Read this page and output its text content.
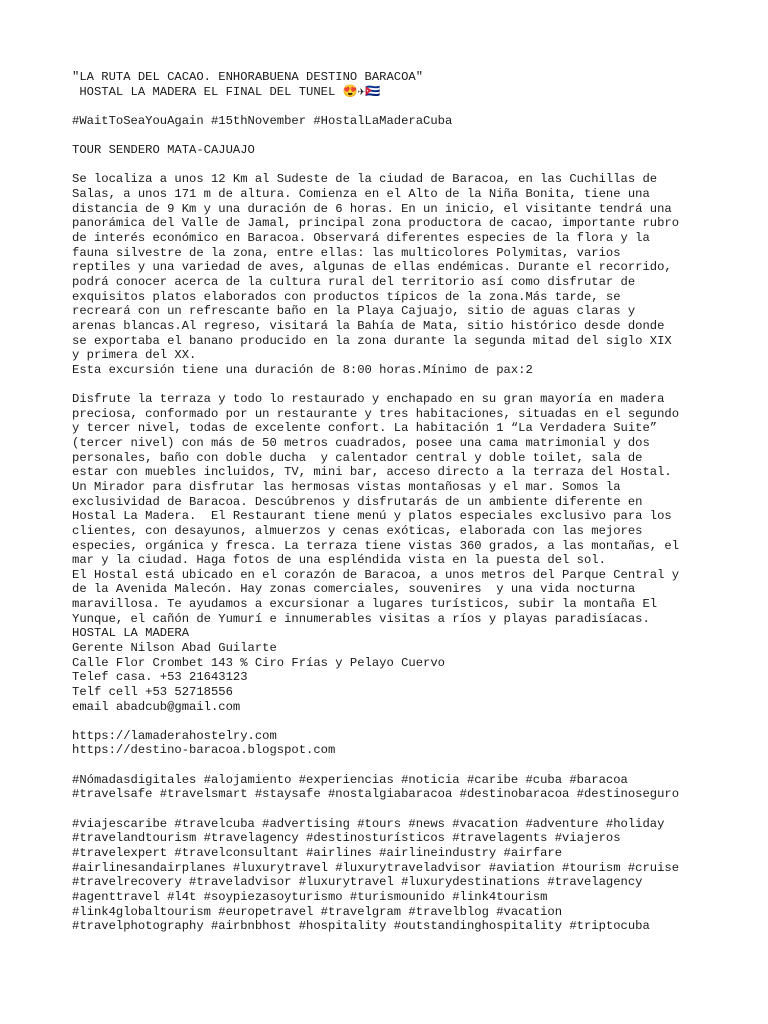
"LA RUTA DEL CACAO. ENHORABUENA DESTINO BARACOA"
HOSTAL LA MADERA EL FINAL DEL TUNEL 😍✈🇨🇺
#WaitToSeaYouAgain #15thNovember #HostalLaMaderaCuba
TOUR SENDERO MATA-CAJUAJO
Se localiza a unos 12 Km al Sudeste de la ciudad de Baracoa, en las Cuchillas de
Salas, a unos 171 m de altura. Comienza en el Alto de la Niña Bonita, tiene una
distancia de 9 Km y una duración de 6 horas. En un inicio, el visitante tendrá una
panorámica del Valle de Jamal, principal zona productora de cacao, importante rubro
de interés económico en Baracoa. Observará diferentes especies de la flora y la
fauna silvestre de la zona, entre ellas: las multicolores Polymitas, varios
reptiles y una variedad de aves, algunas de ellas endémicas. Durante el recorrido,
podrá conocer acerca de la cultura rural del territorio así como disfrutar de
exquisitos platos elaborados con productos típicos de la zona.Más tarde, se
recreará con un refrescante baño en la Playa Cajuajo, sitio de aguas claras y
arenas blancas.Al regreso, visitará la Bahía de Mata, sitio histórico desde donde
se exportaba el banano producido en la zona durante la segunda mitad del siglo XIX
y primera del XX.
Esta excursión tiene una duración de 8:00 horas.Mínimo de pax:2
Disfrute la terraza y todo lo restaurado y enchapado en su gran mayoría en madera
preciosa, conformado por un restaurante y tres habitaciones, situadas en el segundo
y tercer nivel, todas de excelente confort. La habitación 1 “La Verdadera Suite”
(tercer nivel) con más de 50 metros cuadrados, posee una cama matrimonial y dos
personales, baño con doble ducha  y calentador central y doble toilet, sala de
estar con muebles incluidos, TV, mini bar, acceso directo a la terraza del Hostal.
Un Mirador para disfrutar las hermosas vistas montañosas y el mar. Somos la
exclusividad de Baracoa. Descúbrenos y disfrutarás de un ambiente diferente en
Hostal La Madera.  El Restaurant tiene menú y platos especiales exclusivo para los
clientes, con desayunos, almuerzos y cenas exóticas, elaborada con las mejores
especies, orgánica y fresca. La terraza tiene vistas 360 grados, a las montañas, el
mar y la ciudad. Haga fotos de una espléndida vista en la puesta del sol.
El Hostal está ubicado en el corazón de Baracoa, a unos metros del Parque Central y
de la Avenida Malecón. Hay zonas comerciales, souvenires  y una vida nocturna
maravillosa. Te ayudamos a excursionar a lugares turísticos, subir la montaña El
Yunque, el cañón de Yumurí e innumerables visitas a ríos y playas paradisíacas.
HOSTAL LA MADERA
Gerente Nilson Abad Guilarte
Calle Flor Crombet 143 % Ciro Frías y Pelayo Cuervo
Telef casa. +53 21643123
Telf cell +53 52718556
email abadcub@gmail.com
https://lamaderahostelry.com
https://destino-baracoa.blogspot.com
#Nómadasdigitales #alojamiento #experiencias #noticia #caribe #cuba #baracoa
#travelsafe #travelsmart #staysafe #nostalgiabaracoa #destinobaracoa #destinoseguro
#viajescaribe #travelcuba #advertising #tours #news #vacation #adventure #holiday
#travelandtourism #travelagency #destinosturísticos #travelagents #viajeros
#travelexpert #travelconsultant #airlines #airlineindustry #airfare
#airlinesandairplanes #luxurytravel #luxurytraveladvisor #aviation #tourism #cruise
#travelrecovery #traveladvisor #luxurytravel #luxurydestinations #travelagency
#agenttravel #l4t #soypiezasoyturismo #turismounido #link4tourism
#link4globaltourism #europetravel #travelgram #travelblog #vacation
#travelphotography #airbnbhost #hospitality #outstandinghospitality #triptocuba
